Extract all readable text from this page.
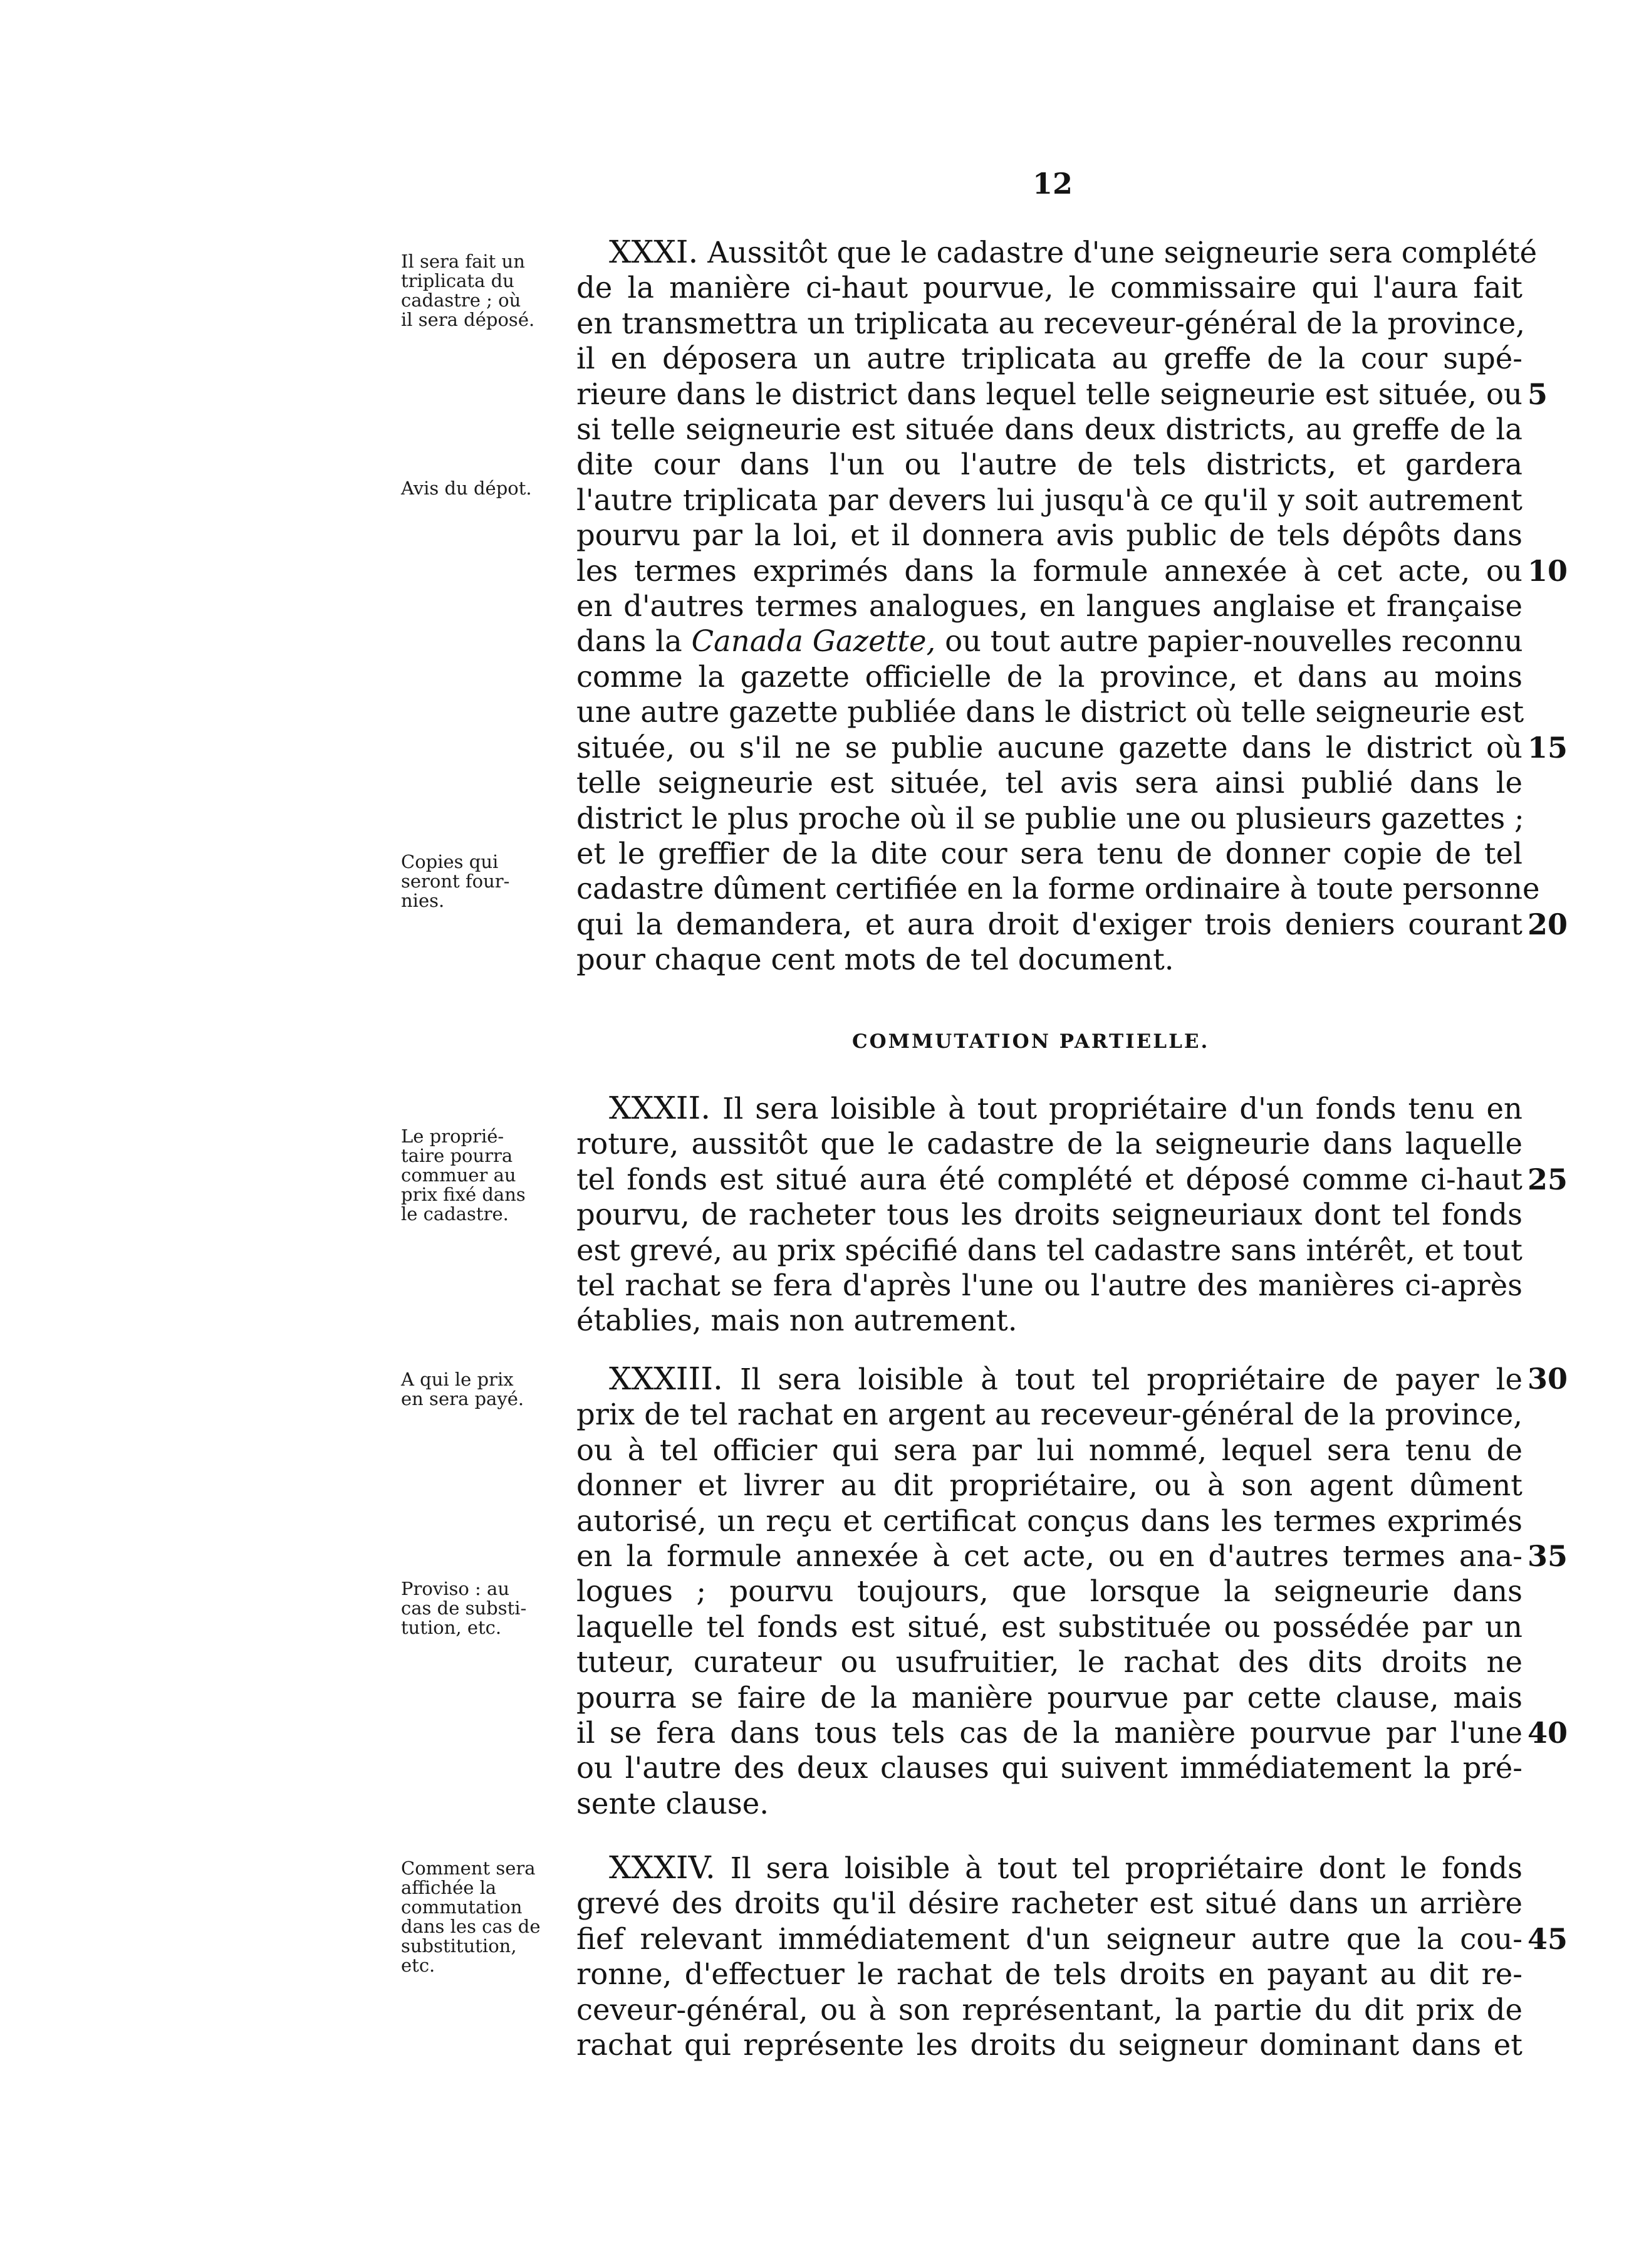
12
Il sera fait un
triplicata du
cadastre ; où
il sera déposé.
Avis du dépot.
Copies qui
seront four-
nies.
Le proprié-
taire pourra
commuer au
prix fixé dans
le cadastre.
A qui le prix
en sera payé.
Proviso : au
cas de substi-
tution, etc.
Comment sera
affichée la
commutation
dans les cas de
substitution,
etc.
XXXI. Aussitôt que le cadastre d'une seigneurie sera complété
de la manière ci-haut pourvue, le commissaire qui l'aura fait
en transmettra un triplicata au receveur-général de la province,
il en déposera un autre triplicata au greffe de la cour supé-
rieure dans le district dans lequel telle seigneurie est située, ou 5
si telle seigneurie est située dans deux districts, au greffe de la
dite cour dans l'un ou l'autre de tels districts, et gardera
l'autre triplicata par devers lui jusqu'à ce qu'il y soit autrement
pourvu par la loi, et il donnera avis public de tels dépôts dans
les termes exprimés dans la formule annexée à cet acte, ou 10
en d'autres termes analogues, en langues anglaise et française
dans la Canada Gazette, ou tout autre papier-nouvelles reconnu
comme la gazette officielle de la province, et dans au moins
une autre gazette publiée dans le district où telle seigneurie est
située, ou s'il ne se publie aucune gazette dans le district où 15
telle seigneurie est située, tel avis sera ainsi publié dans le
district le plus proche où il se publie une ou plusieurs gazettes ;
et le greffier de la dite cour sera tenu de donner copie de tel
cadastre dûment certifiée en la forme ordinaire à toute personne
qui la demandera, et aura droit d'exiger trois deniers courant 20
pour chaque cent mots de tel document.
COMMUTATION PARTIELLE.
XXXII. Il sera loisible à tout propriétaire d'un fonds tenu en
roture, aussitôt que le cadastre de la seigneurie dans laquelle
tel fonds est situé aura été complété et déposé comme ci-haut 25
pourvu, de racheter tous les droits seigneuriaux dont tel fonds
est grevé, au prix spécifié dans tel cadastre sans intérêt, et tout
tel rachat se fera d'après l'une ou l'autre des manières ci-après
établies, mais non autrement.
XXXIII. Il sera loisible à tout tel propriétaire de payer le 30
prix de tel rachat en argent au receveur-général de la province,
ou à tel officier qui sera par lui nommé, lequel sera tenu de
donner et livrer au dit propriétaire, ou à son agent dûment
autorisé, un reçu et certificat conçus dans les termes exprimés
en la formule annexée à cet acte, ou en d'autres termes ana- 35
logues ; pourvu toujours, que lorsque la seigneurie dans
laquelle tel fonds est situé, est substituée ou possédée par un
tuteur, curateur ou usufruitier, le rachat des dits droits ne
pourra se faire de la manière pourvue par cette clause, mais
il se fera dans tous tels cas de la manière pourvue par l'une 40
ou l'autre des deux clauses qui suivent immédiatement la pré-
sente clause.
XXXIV. Il sera loisible à tout tel propriétaire dont le fonds
grevé des droits qu'il désire racheter est situé dans un arrière
fief relevant immédiatement d'un seigneur autre que la cou- 45
ronne, d'effectuer le rachat de tels droits en payant au dit re-
ceveur-général, ou à son représentant, la partie du dit prix de
rachat qui représente les droits du seigneur dominant dans et
